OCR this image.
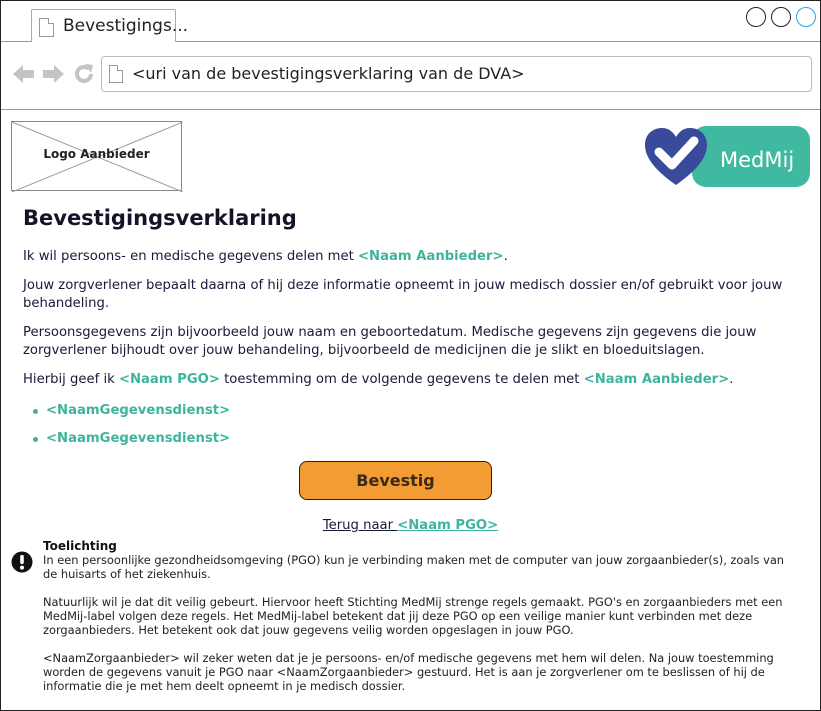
Bevestigings...
<uri van de bevestigingsverklaring van de DVA>
Logo Aanbieder	MedMij
Bevestigingsverklaring

Ik wil persoons- en medische gegevens delen met <Naam Aanbieder>.

Jouw zorgverlener bepaalt daarna of hij deze informatie opneemt in jouw medisch dossier en/of gebruikt voor jouw behandeling.

Persoonsgegevens zijn bijvoorbeeld jouw naam en geboortedatum. Medische gegevens zijn gegevens die jouw zorgverlener bijhoudt over jouw behandeling, bijvoorbeeld de medicijnen die je slikt en bloeduitslagen.

Hierbij geef ik <Naam PGO> toestemming om de volgende gegevens te delen met <Naam Aanbieder>.

<NaamGegevensdienst>
<NaamGegevensdienst>
Bevestig
Terug naar <Naam PGO>
Toelichting

In een persoonlijke gezondheidsomgeving (PGO) kun je verbinding maken met de computer van jouw zorgaanbieder(s), zoals van de huisarts of het ziekenhuis.

Natuurlijk wil je dat dit veilig gebeurt. Hiervoor heeft Stichting MedMij strenge regels gemaakt. PGO's en zorgaanbieders met een MedMij-label volgen deze regels. Het MedMij-label betekent dat jij deze PGO op een veilige manier kunt verbinden met deze zorgaanbieders. Het betekent ook dat jouw gegevens veilig worden opgeslagen in jouw PGO.

<NaamZorgaanbieder> wil zeker weten dat je je persoons- en/of medische gegevens met hem wil delen. Na jouw toestemming worden de gegevens vanuit je PGO naar <NaamZorgaanbieder> gestuurd. Het is aan je zorgverlener om te beslissen of hij de informatie die je met hem deelt opneemt in je medisch dossier.
